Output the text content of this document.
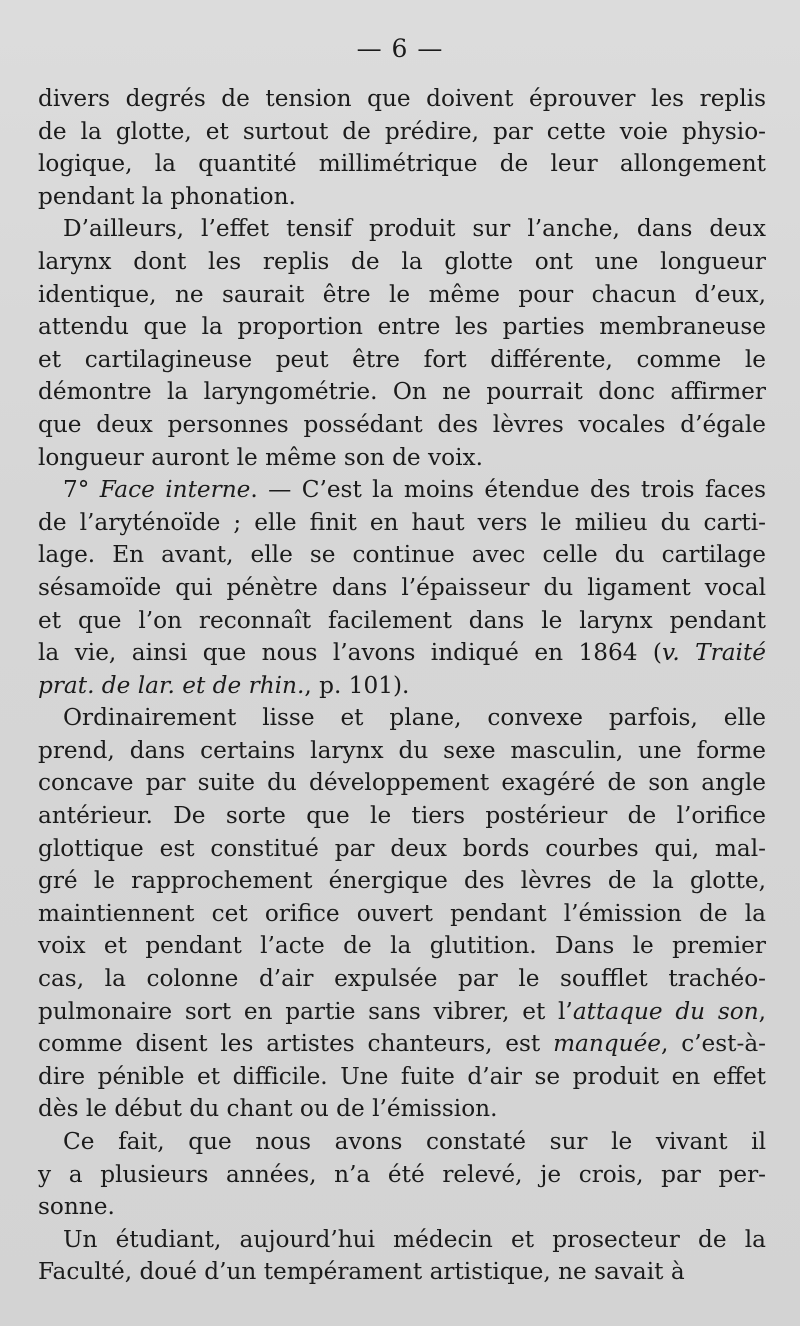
— 6 —
divers degrés de tension que doivent éprouver les replis
de la glotte, et surtout de prédire, par cette voie physio-
logique, la quantité millimétrique de leur allongement
pendant la phonation.
D’ailleurs, l’effet tensif produit sur l’anche, dans deux
larynx dont les replis de la glotte ont une longueur
identique, ne saurait être le même pour chacun d’eux,
attendu que la proportion entre les parties membraneuse
et cartilagineuse peut être fort différente, comme le
démontre la laryngométrie. On ne pourrait donc affirmer
que deux personnes possédant des lèvres vocales d’égale
longueur auront le même son de voix.
7° Face interne. — C’est la moins étendue des trois faces
de l’aryténoïde ; elle finit en haut vers le milieu du carti-
lage. En avant, elle se continue avec celle du cartilage
sésamoïde qui pénètre dans l’épaisseur du ligament vocal
et que l’on reconnaît facilement dans le larynx pendant
la vie, ainsi que nous l’avons indiqué en 1864 (v. Traité
prat. de lar. et de rhin., p. 101).
Ordinairement lisse et plane, convexe parfois, elle
prend, dans certains larynx du sexe masculin, une forme
concave par suite du développement exagéré de son angle
antérieur. De sorte que le tiers postérieur de l’orifice
glottique est constitué par deux bords courbes qui, mal-
gré le rapprochement énergique des lèvres de la glotte,
maintiennent cet orifice ouvert pendant l’émission de la
voix et pendant l’acte de la glutition. Dans le premier
cas, la colonne d’air expulsée par le soufflet trachéo-
pulmonaire sort en partie sans vibrer, et l’attaque du son,
comme disent les artistes chanteurs, est manquée, c’est-à-
dire pénible et difficile. Une fuite d’air se produit en effet
dès le début du chant ou de l’émission.
Ce fait, que nous avons constaté sur le vivant il
y a plusieurs années, n’a été relevé, je crois, par per-
sonne.
Un étudiant, aujourd’hui médecin et prosecteur de la
Faculté, doué d’un tempérament artistique, ne savait à
